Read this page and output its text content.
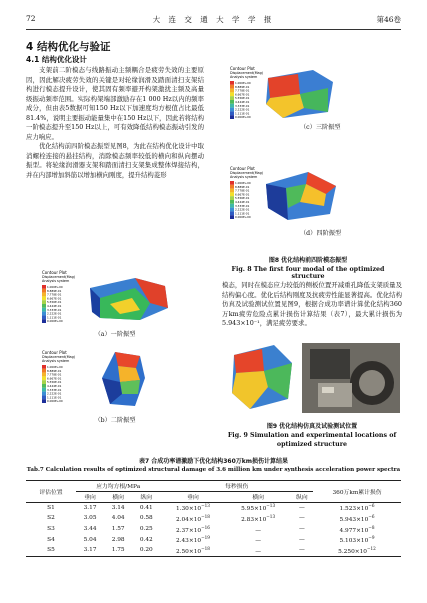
72	大 连 交 通 大 学 学 报	第46卷
4 结构优化与验证
4.1 结构优化设计

支架前二阶模态与线路振动主频耦合是疲劳失效的主要原因，因此解决疲劳失效的关键是对轮缘润滑及踏面清扫支架结构进行模态提升设计，使其固有频率避开构架激扰主频及高量级振动频率范围。实际构架端部激励存在1 000 Hz以内的频率成分，但由表5数据可知150 Hz以下加速度均方根值占比最低81.4%，说明主要振动能量集中在150 Hz以下，因此若将结构一阶模态提升至150 Hz以上，可有效降低结构模态振动引发的应力响应。

优化结构前四阶模态振型见图8，为此在结构优化设计中取消螺栓连接的悬挂结构，消除模态频率较低的横向和纵向摆动振型。将轮缘润滑器支架和踏面清扫支架集成整体焊接结构，并在内部增加斜筋以增加横向刚度，提升结构菱形

Contour Plot
Displacement(Mag)
Analysis system
1.000E+00
8.889E-01
7.778E-01
6.667E-01
5.556E-01
4.444E-01
3.333E-01
2.222E-01
1.111E-01
0.000E+00
（a）一阶振型
Contour Plot
Displacement(Mag)
Analysis system
1.000E+00
8.889E-01
7.778E-01
6.667E-01
5.556E-01
4.444E-01
3.333E-01
2.222E-01
1.111E-01
0.000E+00
（b）二阶振型
Contour Plot
Displacement(Mag)
Analysis system
1.000E+00
8.889E-01
7.778E-01
6.667E-01
5.556E-01
4.444E-01
3.333E-01
2.222E-01
1.111E-01
0.000E+00
（c）三阶振型
Contour Plot
Displacement(Mag)
Analysis system
1.000E+00
8.889E-01
7.778E-01
6.667E-01
5.556E-01
4.444E-01
3.333E-01
2.222E-01
1.111E-01
0.000E+00
（d）四阶振型
图8 优化结构前四阶模态振型
Fig. 8 The first four modal of the optimized structure

模态，同时在模态应力较低的侧板位置开减重孔降低支架质量及结构偏心度。优化后结构刚度及抗疲劳性能显著提高。优化结构仿真及试验测试位置见图9，根据合成功率谱计算优化结构360万km疲劳危险点累计损伤计算结果（表7），最大累计损伤为5.943×10⁻¹，满足疲劳要求。

图9 优化结构仿真及试验测试位置
Fig. 9 Simulation and experimental locations of
optimized structure
表7 合成功率谱激励下优化结构360万km损伤计算结果
Tab.7 Calculation results of optimized structural damage of 3.6 million km under synthesis acceleration power spectra
评估位置	应力均方根/MPa			每秒损伤			360万km累计损伤
	垂向	横向	纵向	垂向	横向	纵向	
S1	3.17	3.14	0.41	$1.30\times 10^{-13}$	$5.95\times 10^{-13}$	—	$1.523\times 10^{-6}$
S2	3.05	4.04	0.58	$2.04\times 10^{-18}$	$2.83\times 10^{-13}$	—	$5.943\times 10^{-6}$
S3	3.44	1.57	0.25	$2.37\times 10^{-16}$	—	—	$4.977\times 10^{-8}$
S4	5.04	2.98	0.42	$2.43\times 10^{-19}$	—	—	$5.103\times 10^{-9}$
S5	3.17	1.75	0.20	$2.50\times 10^{-18}$	—	—	$5.250\times 10^{-12}$
